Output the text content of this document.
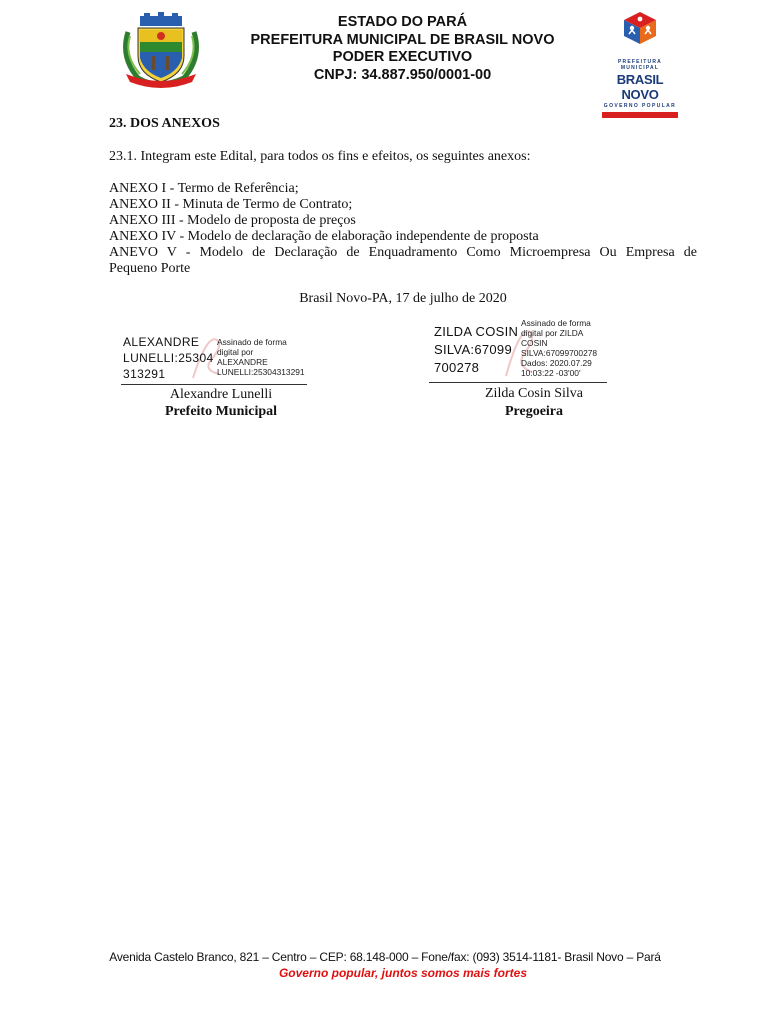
ESTADO DO PARÁ
PREFEITURA MUNICIPAL DE BRASIL NOVO
PODER EXECUTIVO
CNPJ: 34.887.950/0001-00
PREFEITURA MUNICIPAL
BRASIL NOVO
GOVERNO POPULAR
23. DOS ANEXOS
23.1. Integram este Edital, para todos os fins e efeitos, os seguintes anexos:
ANEXO I - Termo de Referência;
ANEXO II - Minuta de Termo de Contrato;
ANEXO III - Modelo de proposta de preços
ANEXO IV - Modelo de declaração de elaboração independente de proposta
ANEVO V - Modelo de Declaração de Enquadramento Como Microempresa Ou Empresa de
Pequeno Porte
Brasil Novo-PA, 17 de julho de 2020
ALEXANDRE
LUNELLI:25304
313291
Assinado de forma
digital por
ALEXANDRE
LUNELLI:25304313291
Alexandre Lunelli
Prefeito Municipal
ZILDA COSIN
SILVA:67099
700278
Assinado de forma
digital por ZILDA
COSIN
SILVA:67099700278
Dados: 2020.07.29
10:03:22 -03'00'
Zilda Cosin Silva
Pregoeira
Avenida Castelo Branco, 821 – Centro – CEP: 68.148-000 – Fone/fax: (093) 3514-1181- Brasil Novo – Pará
Governo popular, juntos somos mais fortes
